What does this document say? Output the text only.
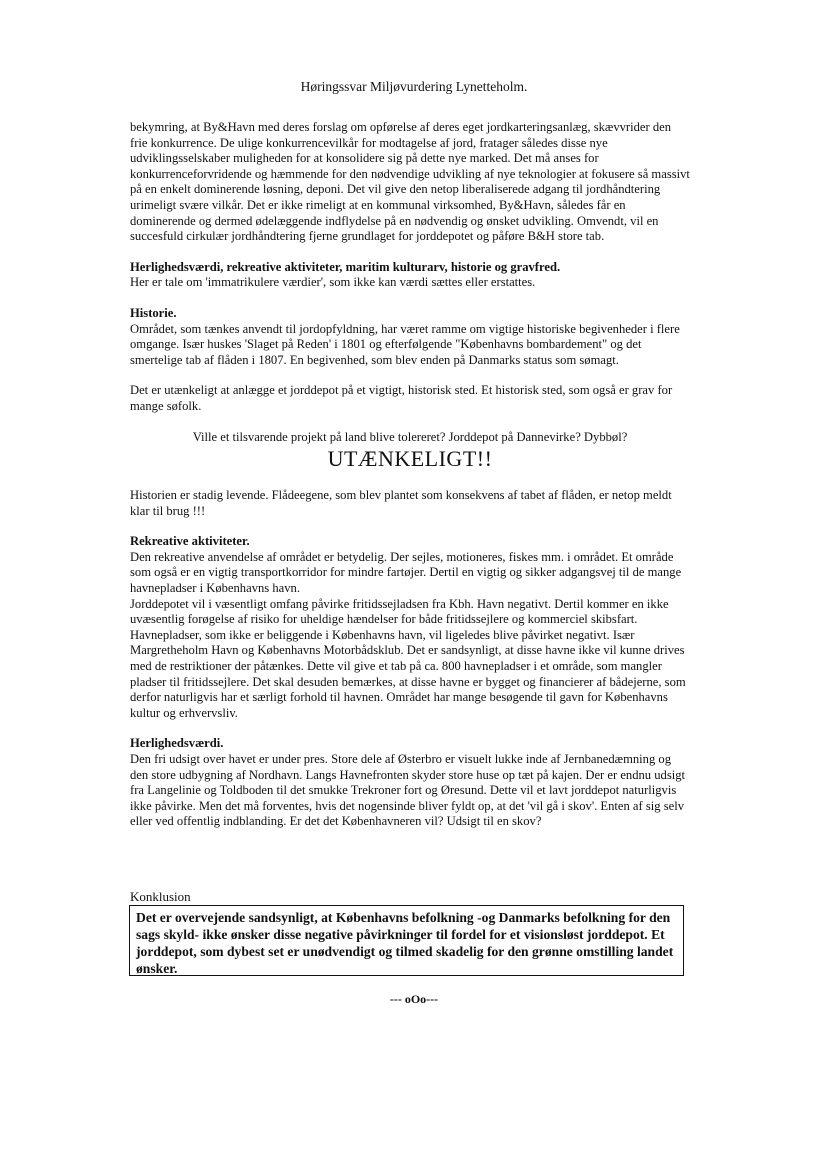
Høringssvar Miljøvurdering Lynetteholm.

bekymring, at By&Havn med deres forslag om opførelse af deres eget jordkarteringsanlæg, skævvrider den frie konkurrence. De ulige konkurrencevilkår for modtagelse af jord, fratager således disse nye udviklingsselskaber muligheden for at konsolidere sig på dette nye marked. Det må anses for konkurrenceforvridende og hæmmende for den nødvendige udvikling af nye teknologier at fokusere så massivt på en enkelt dominerende løsning, deponi. Det vil give den netop liberaliserede adgang til jordhåndtering urimeligt svære vilkår. Det er ikke rimeligt at en kommunal virksomhed, By&Havn, således får en dominerende og dermed ødelæggende indflydelse på en nødvendig og ønsket udvikling. Omvendt, vil en succesfuld cirkulær jordhåndtering fjerne grundlaget for jorddepotet og påføre B&H store tab.

Herlighedsværdi, rekreative aktiviteter, maritim kulturarv, historie og gravfred.

Her er tale om 'immatrikulere værdier', som ikke kan værdi sættes eller erstattes.

Historie.

Området, som tænkes anvendt til jordopfyldning, har været ramme om vigtige historiske begivenheder i flere omgange. Især huskes 'Slaget på Reden' i 1801 og efterfølgende "Københavns bombardement" og det smertelige tab af flåden i 1807. En begivenhed, som blev enden på Danmarks status som sømagt.

Det er utænkeligt at anlægge et jorddepot på et vigtigt, historisk sted. Et historisk sted, som også er grav for mange søfolk.

Ville et tilsvarende projekt på land blive tolereret? Jorddepot på Dannevirke? Dybbøl?

UTÆNKELIGT!!

Historien er stadig levende. Flådeegene, som blev plantet som konsekvens af tabet af flåden, er netop meldt klar til brug !!!

Rekreative aktiviteter.

Den rekreative anvendelse af området er betydelig. Der sejles, motioneres, fiskes mm. i området. Et område som også er en vigtig transportkorridor for mindre fartøjer. Dertil en vigtig og sikker adgangsvej til de mange havnepladser i Københavns havn.

Jorddepotet vil i væsentligt omfang påvirke fritidssejladsen fra Kbh. Havn negativt. Dertil kommer en ikke uvæsentlig forøgelse af risiko for uheldige hændelser for både fritidssejlere og kommerciel skibsfart.

Havnepladser, som ikke er beliggende i Københavns havn, vil ligeledes blive påvirket negativt. Især Margretheholm Havn og Københavns Motorbådsklub. Det er sandsynligt, at disse havne ikke vil kunne drives med de restriktioner der påtænkes. Dette vil give et tab på ca. 800 havnepladser i et område, som mangler pladser til fritidssejlere. Det skal desuden bemærkes, at disse havne er bygget og financierer af bådejerne, som derfor naturligvis har et særligt forhold til havnen. Området har mange besøgende til gavn for Københavns kultur og erhvervsliv.

Herlighedsværdi.

Den fri udsigt over havet er under pres. Store dele af Østerbro er visuelt lukke inde af Jernbanedæmning og den store udbygning af Nordhavn. Langs Havnefronten skyder store huse op tæt på kajen. Der er endnu udsigt fra Langelinie og Toldboden til det smukke Trekroner fort og Øresund. Dette vil et lavt jorddepot naturligvis ikke påvirke. Men det må forventes, hvis det nogensinde bliver fyldt op, at det 'vil gå i skov'. Enten af sig selv eller ved offentlig indblanding. Er det det Københavneren vil? Udsigt til en skov?

Konklusion

Det er overvejende sandsynligt, at Københavns befolkning -og Danmarks befolkning for den sags skyld- ikke ønsker disse negative påvirkninger til fordel for et visionsløst jorddepot. Et jorddepot, som dybest set er unødvendigt og tilmed skadelig for den grønne omstilling landet ønsker.

--- oOo---
